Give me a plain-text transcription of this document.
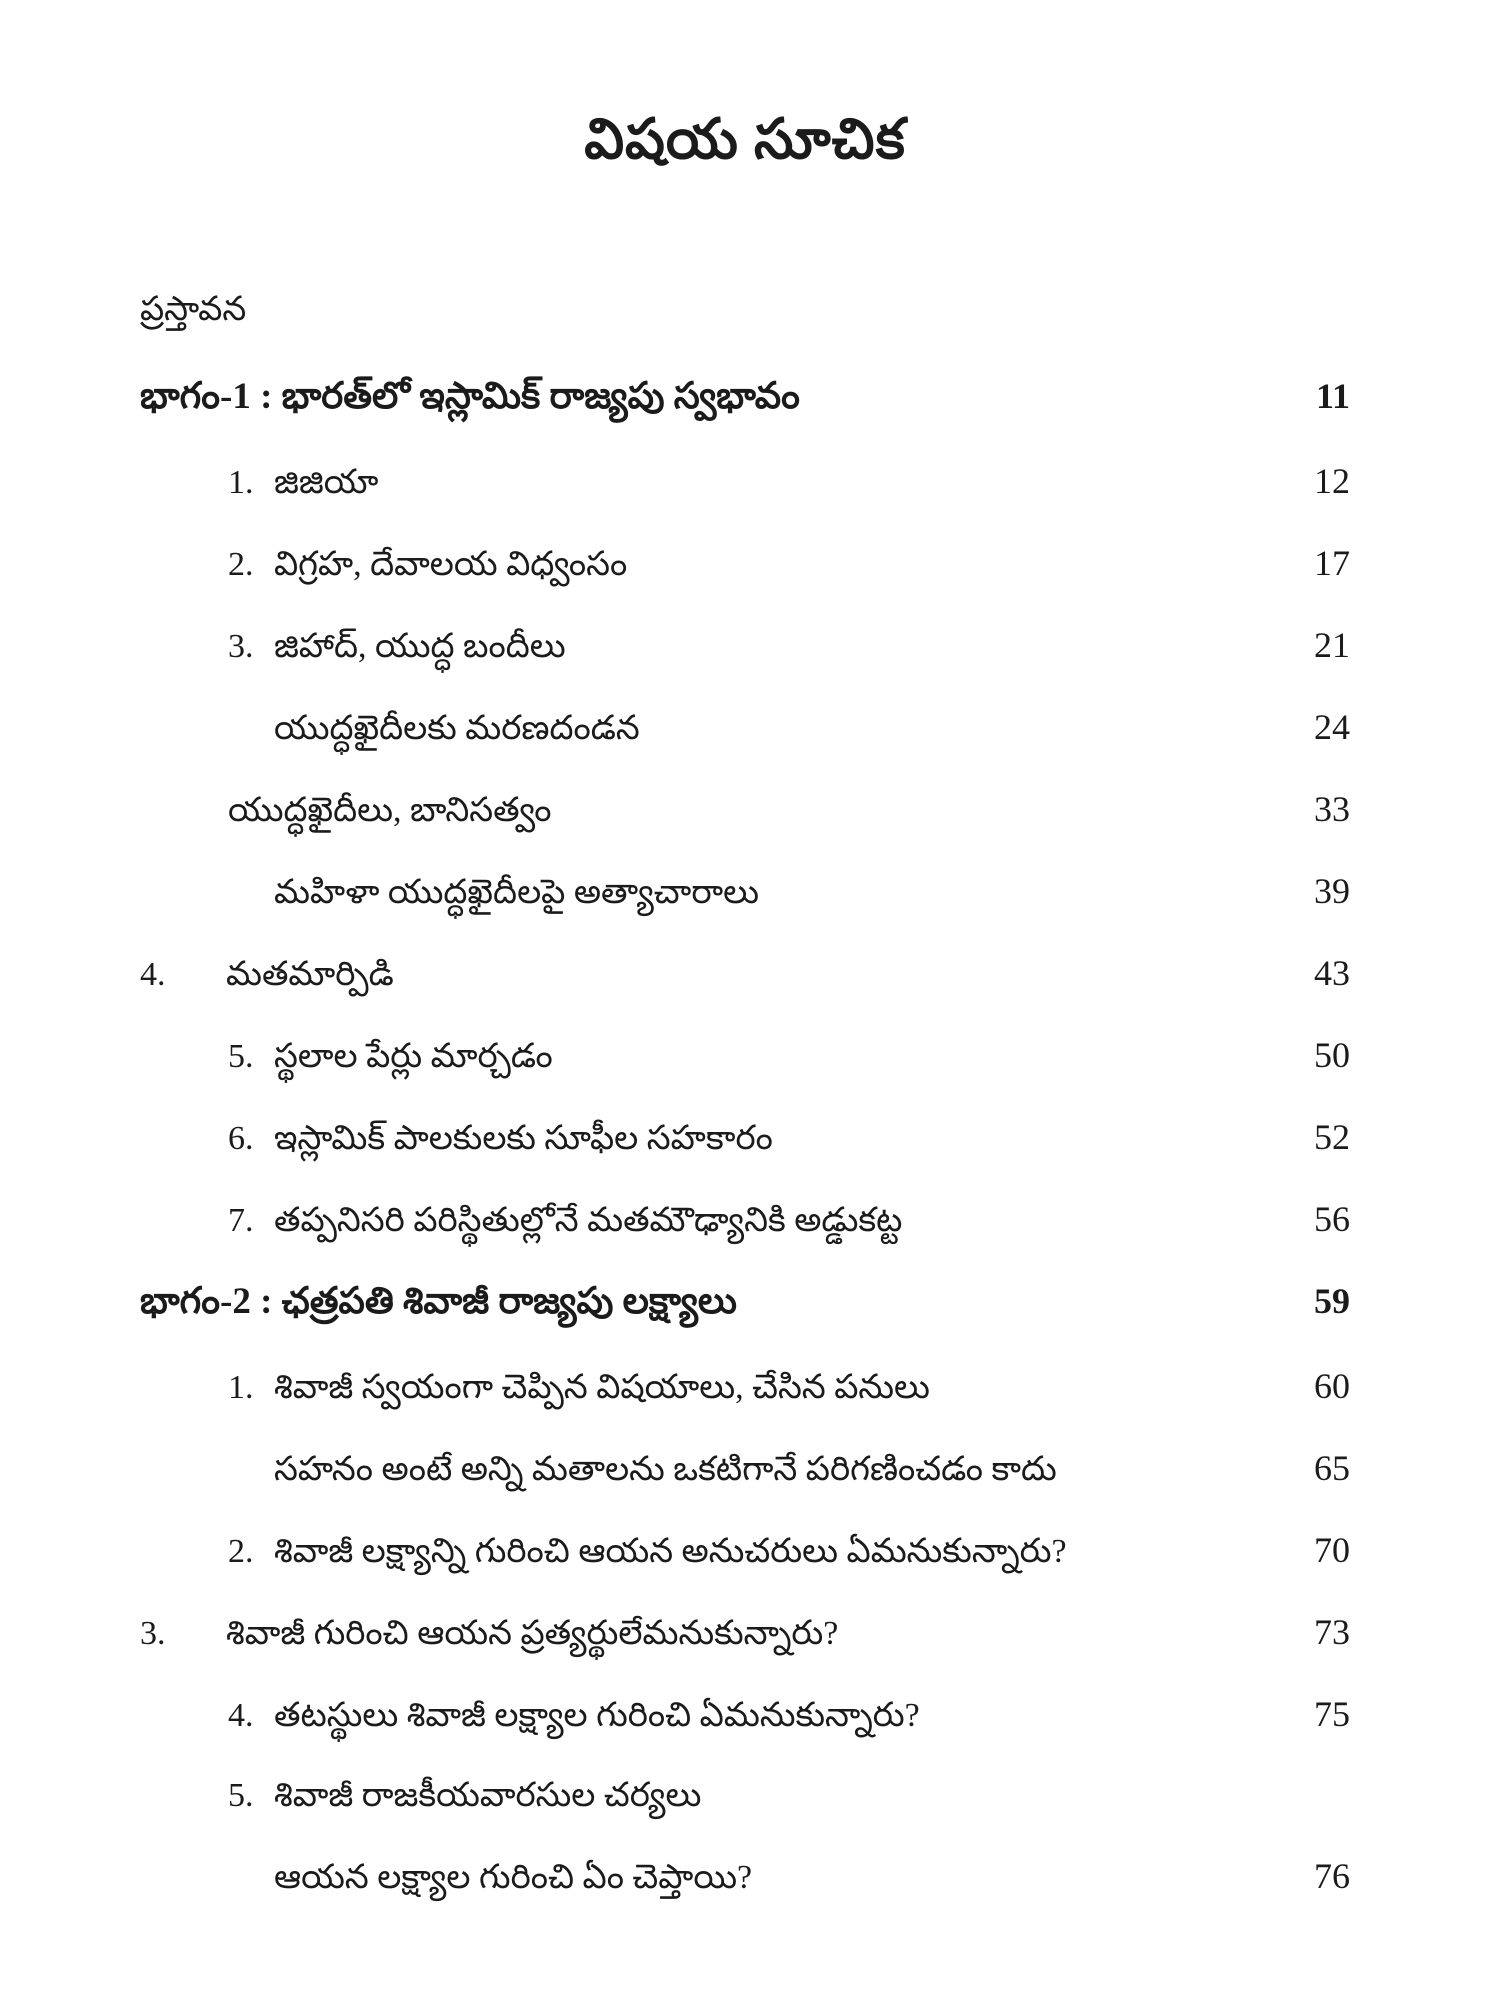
విషయ సూచిక
ప్రస్తావన
భాగం-1 : భారత్‌లో ఇస్లామిక్ రాజ్యపు స్వభావం	11
1. జిజియా	12
2. విగ్రహ, దేవాలయ విధ్వంసం	17
3. జిహాద్, యుద్ధ బందీలు	21
యుద్ధఖైదీలకు మరణదండన	24
యుద్ధఖైదీలు, బానిసత్వం	33
మహిళా యుద్ధఖైదీలపై అత్యాచారాలు	39
4.	మతమార్పిడి	43
5. స్థలాల పేర్లు మార్చడం	50
6. ఇస్లామిక్ పాలకులకు సూఫీల సహకారం	52
7. తప్పనిసరి పరిస్థితుల్లోనే మతమౌఢ్యానికి అడ్డుకట్ట	56
భాగం-2 : ఛత్రపతి శివాజీ రాజ్యపు లక్ష్యాలు	59
1. శివాజీ స్వయంగా చెప్పిన విషయాలు, చేసిన పనులు	60
సహనం అంటే అన్ని మతాలను ఒకటిగానే పరిగణించడం కాదు	65
2. శివాజీ లక్ష్యాన్ని గురించి ఆయన అనుచరులు ఏమనుకున్నారు?	70
3.	శివాజీ గురించి ఆయన ప్రత్యర్థులేమనుకున్నారు?	73
4. తటస్థులు శివాజీ లక్ష్యాల గురించి ఏమనుకున్నారు?	75
5. శివాజీ రాజకీయవారసుల చర్యలు
ఆయన లక్ష్యాల గురించి ఏం చెప్తాయి?	76
